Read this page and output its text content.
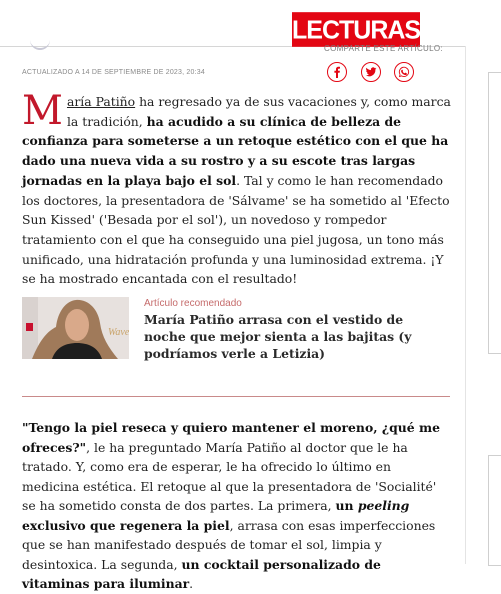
LECTURAS
COMPARTE ESTE ARTÍCULO:
ACTUALIZADO A 14 DE SEPTIEMBRE DE 2023, 20:34

María Patiño ha regresado ya de sus vacaciones y, como marca la tradición, ha acudido a su clínica de belleza de confianza para someterse a un retoque estético con el que ha dado una nueva vida a su rostro y a su escote tras largas jornadas en la playa bajo el sol. Tal y como le han recomendado los doctores, la presentadora de 'Sálvame' se ha sometido al 'Efecto Sun Kissed' ('Besada por el sol'), un novedoso y rompedor tratamiento con el que ha conseguido una piel jugosa, un tono más unificado, una hidratación profunda y una luminosidad extrema. ¡Y se ha mostrado encantada con el resultado!

Wave
Artículo recomendado
María Patiño arrasa con el vestido de noche que mejor sienta a las bajitas (y podríamos verle a Letizia)

"Tengo la piel reseca y quiero mantener el moreno, ¿qué me ofreces?", le ha preguntado María Patiño al doctor que le ha tratado. Y, como era de esperar, le ha ofrecido lo último en medicina estética. El retoque al que la presentadora de 'Socialité' se ha sometido consta de dos partes. La primera, un peeling exclusivo que regenera la piel, arrasa con esas imperfecciones que se han manifestado después de tomar el sol, limpia y desintoxica. La segunda, un cocktail personalizado de vitaminas para iluminar.
